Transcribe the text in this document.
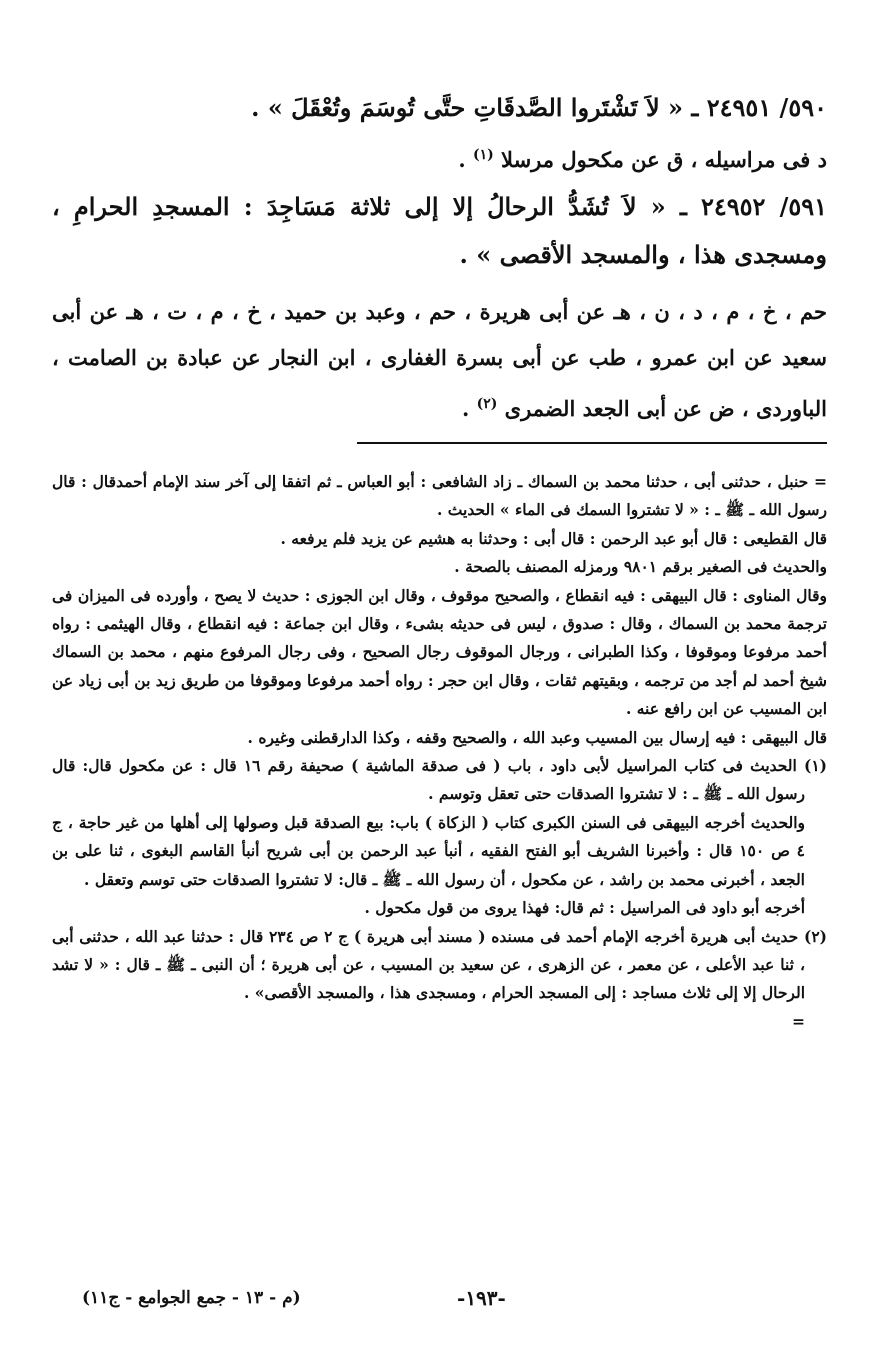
٥٩٠/ ٢٤٩٥١ ـ « لاَ تَشْتَروا الصَّدقَاتِ حتَّى تُوسَمَ وتُعْقَلَ » .

د فى مراسيله ، ق عن مكحول مرسلا $^{(١)}$ .

٥٩١/ ٢٤٩٥٢ ـ « لاَ تُشَدُّ الرحالُ إلا إلى ثلاثة مَسَاجِدَ : المسجدِ الحرامِ ، ومسجدى هذا ، والمسجد الأقصى » .

حم ، خ ، م ، د ، ن ، هـ عن أبى هريرة ، حم ، وعبد بن حميد ، خ ، م ، ت ، هـ عن أبى سعيد عن ابن عمرو ، طب عن أبى بسرة الغفارى ، ابن النجار عن عبادة بن الصامت ، الباوردى ، ض عن أبى الجعد الضمرى $^{(٢)}$ .

= حنبل ، حدثنى أبى ، حدثنا محمد بن السماك ـ زاد الشافعى : أبو العباس ـ ثم اتفقا إلى آخر سند الإمام أحمدقال : قال رسول الله ـ ﷺ ـ : « لا تشتروا السمك فى الماء » الحديث .

قال القطيعى : قال أبو عبد الرحمن : قال أبى : وحدثنا به هشيم عن يزيد فلم يرفعه .

والحديث فى الصغير برقم ٩٨٠١ ورمزله المصنف بالصحة .

وقال المناوى : قال البيهقى : فيه انقطاع ، والصحيح موقوف ، وقال ابن الجوزى : حديث لا يصح ، وأورده فى الميزان فى ترجمة محمد بن السماك ، وقال : صدوق ، ليس فى حديثه بشىء ، وقال ابن جماعة : فيه انقطاع ، وقال الهيثمى : رواه أحمد مرفوعا وموقوفا ، وكذا الطبرانى ، ورجال الموقوف رجال الصحيح ، وفى رجال المرفوع منهم ، محمد بن السماك شيخ أحمد لم أجد من ترجمه ، وبقيتهم ثقات ، وقال ابن حجر : رواه أحمد مرفوعا وموقوفا من طريق زيد بن أبى زياد عن ابن المسيب عن ابن رافع عنه .

قال البيهقى : فيه إرسال بين المسيب وعبد الله ، والصحيح وقفه ، وكذا الدارقطنى وغيره .

(١) الحديث فى كتاب المراسيل لأبى داود ، باب ( فى صدقة الماشية ) صحيفة رقم ١٦ قال : عن مكحول قال: قال رسول الله ـ ﷺ ـ : لا تشتروا الصدقات حتى تعقل وتوسم .

والحديث أخرجه البيهقى فى السنن الكبرى كتاب ( الزكاة ) باب: بيع الصدقة قبل وصولها إلى أهلها من غير حاجة ، ج ٤ ص ١٥٠ قال : وأخبرنا الشريف أبو الفتح الفقيه ، أنبأ عبد الرحمن بن أبى شريح أنبأ القاسم البغوى ، ثنا على بن الجعد ، أخبرنى محمد بن راشد ، عن مكحول ، أن رسول الله ـ ﷺ ـ قال: لا تشتروا الصدقات حتى توسم وتعقل .

أخرجه أبو داود فى المراسيل : ثم قال: فهذا يروى من قول مكحول .

(٢) حديث أبى هريرة أخرجه الإمام أحمد فى مسنده ( مسند أبى هريرة ) ج ٢ ص ٢٣٤ قال : حدثنا عبد الله ، حدثنى أبى ، ثنا عبد الأعلى ، عن معمر ، عن الزهرى ، عن سعيد بن المسيب ، عن أبى هريرة ؛ أن النبى ـ ﷺ ـ قال : « لا تشد الرحال إلا إلى ثلاث مساجد : إلى المسجد الحرام ، ومسجدى هذا ، والمسجد الأقصى» .

=

(م - ١٣ - جمع الجوامع - ج١١)	-١٩٣-
